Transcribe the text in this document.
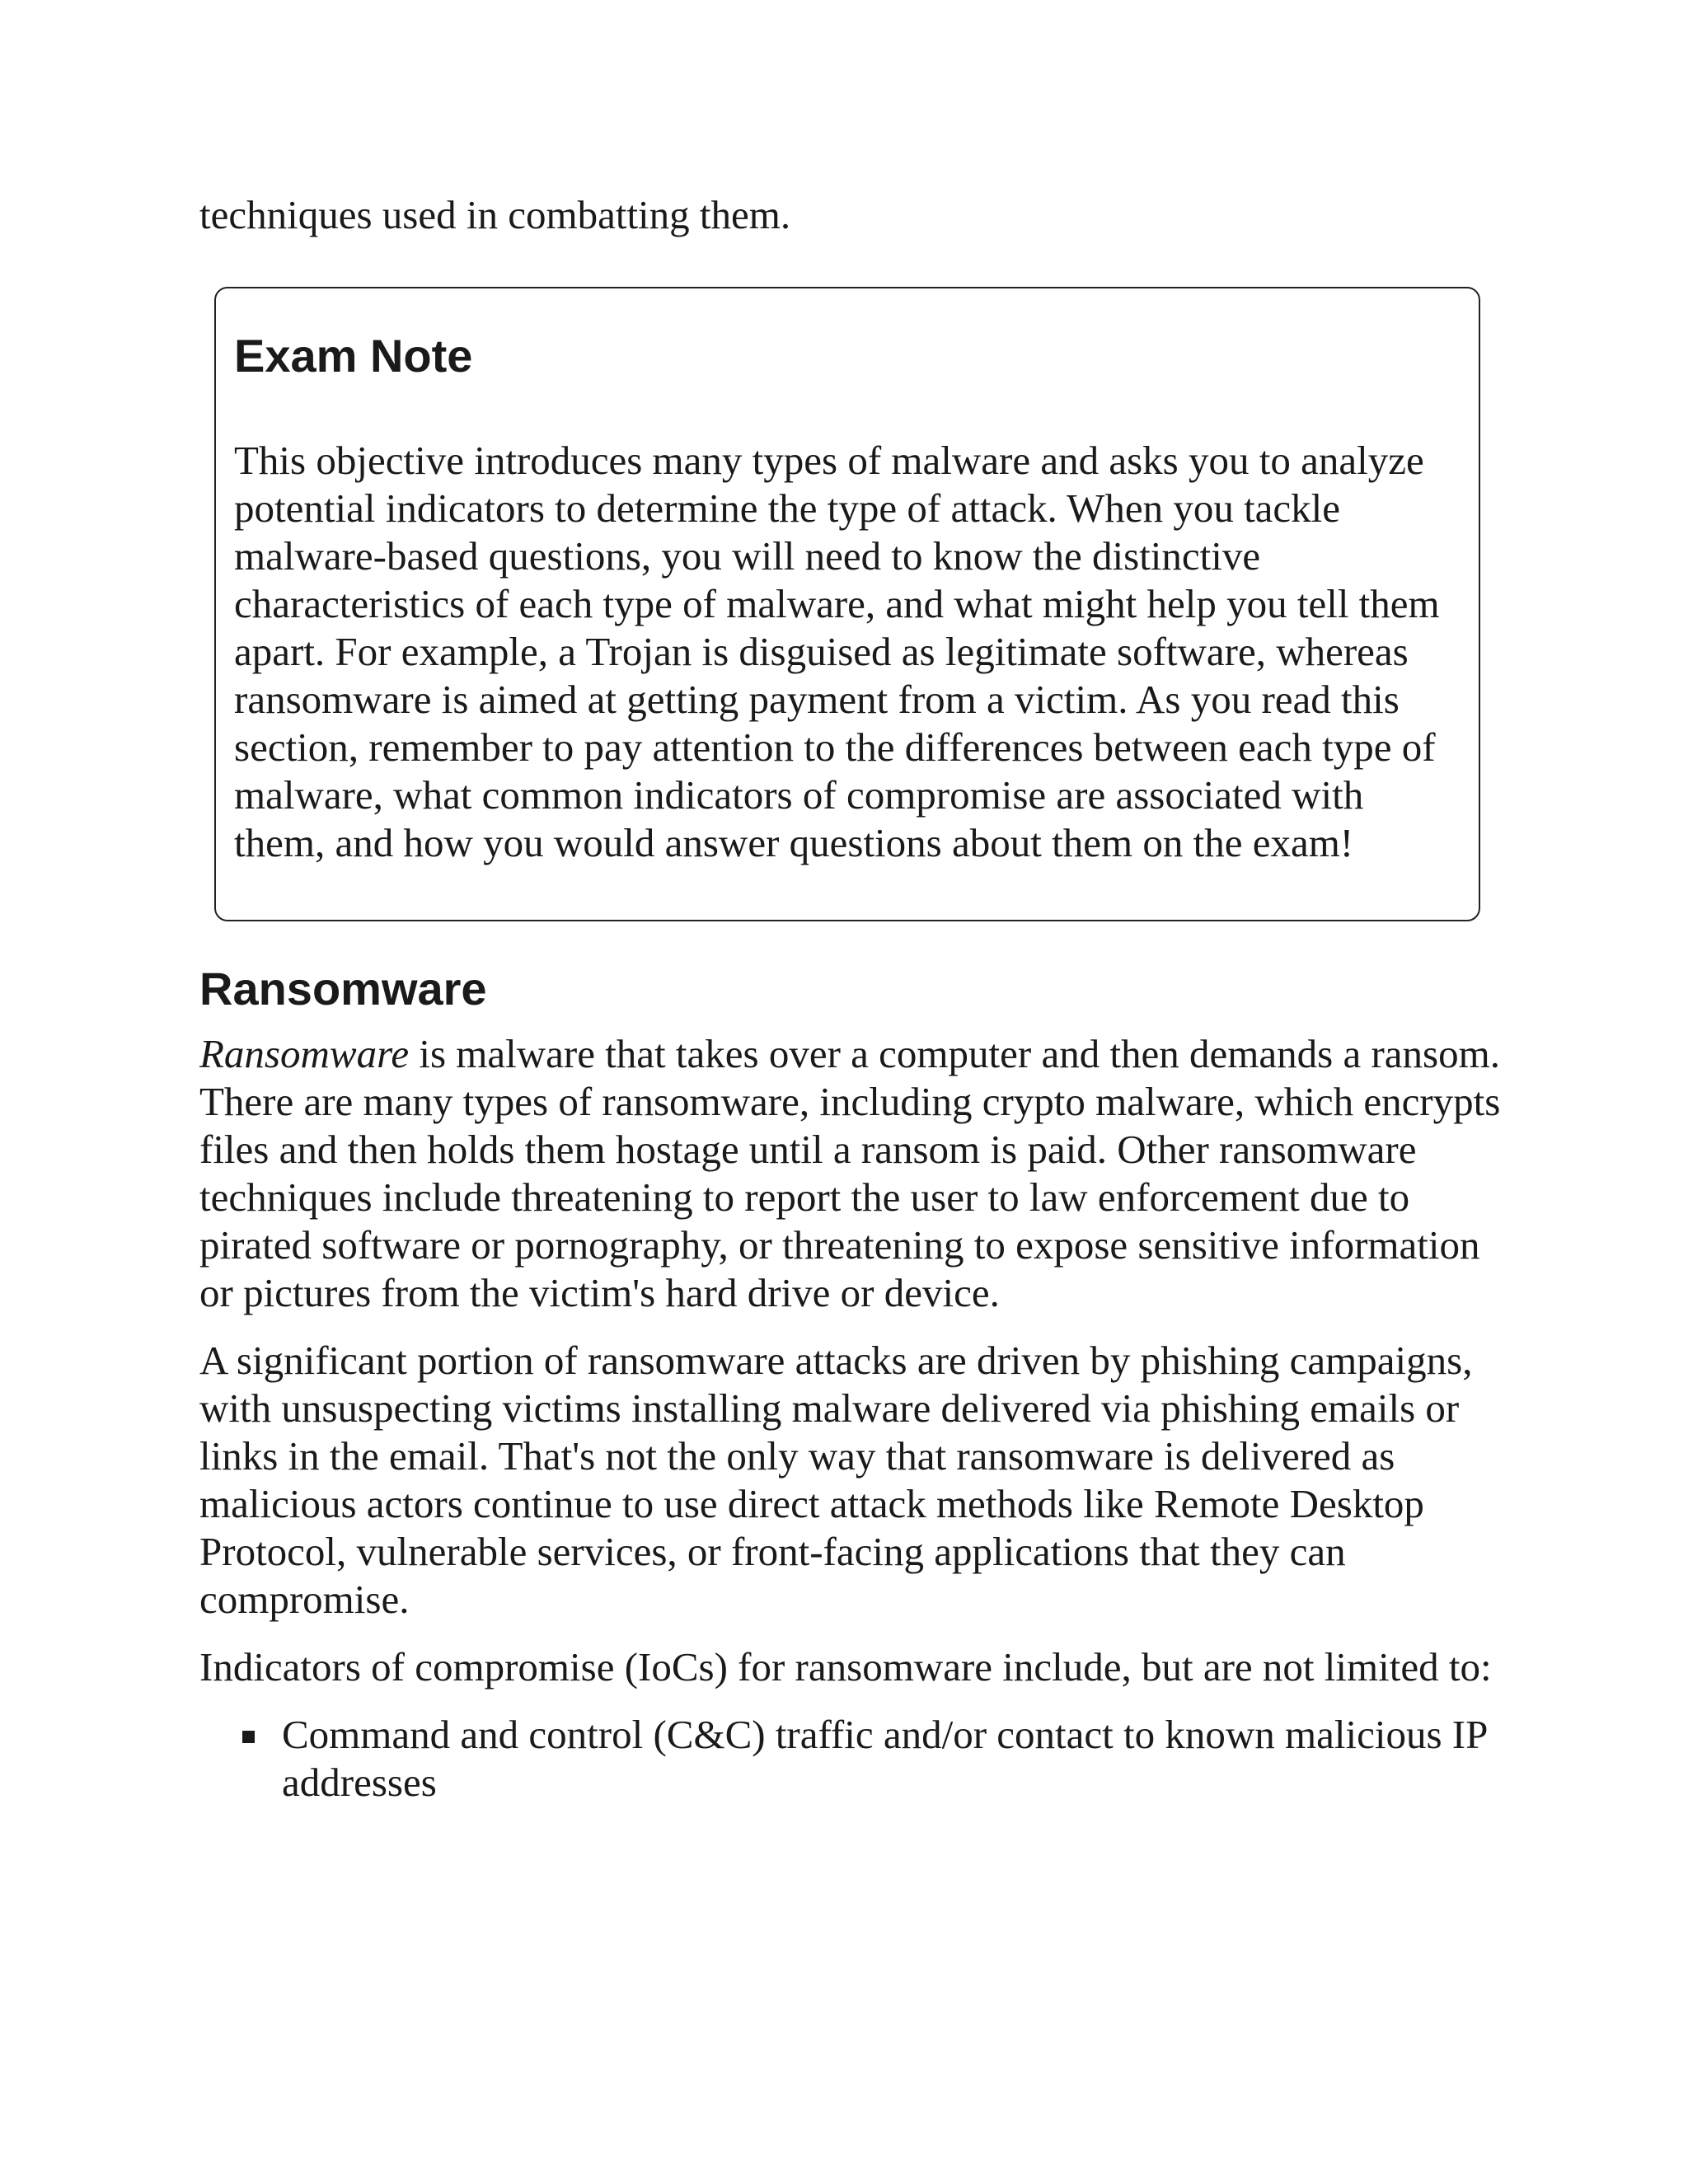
techniques used in combatting them.

Exam Note

This objective introduces many types of malware and asks you to analyze potential indicators to determine the type of attack. When you tackle malware-based questions, you will need to know the distinctive characteristics of each type of malware, and what might help you tell them apart. For example, a Trojan is disguised as legitimate software, whereas ransomware is aimed at getting payment from a victim. As you read this section, remember to pay attention to the differences between each type of malware, what common indicators of compromise are associated with them, and how you would answer questions about them on the exam!

Ransomware

Ransomware is malware that takes over a computer and then demands a ransom. There are many types of ransomware, including crypto malware, which encrypts files and then holds them hostage until a ransom is paid. Other ransomware techniques include threatening to report the user to law enforcement due to pirated software or pornography, or threatening to expose sensitive information or pictures from the victim's hard drive or device.

A significant portion of ransomware attacks are driven by phishing campaigns, with unsuspecting victims installing malware delivered via phishing emails or links in the email. That's not the only way that ransomware is delivered as malicious actors continue to use direct attack methods like Remote Desktop Protocol, vulnerable services, or front-facing applications that they can compromise.

Indicators of compromise (IoCs) for ransomware include, but are not limited to:

Command and control (C&C) traffic and/or contact to known malicious IP addresses
